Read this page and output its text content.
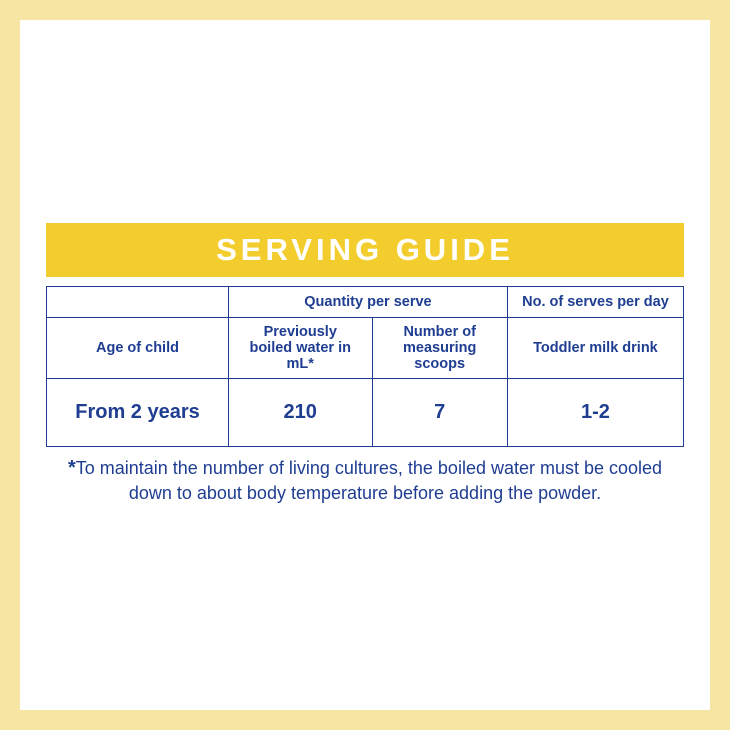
SERVING GUIDE
	Quantity per serve		No. of serves per day
Age of child	Previously boiled water in mL*	Number of measuring scoops	Toddler milk drink
From 2 years	210	7	1-2
*To maintain the number of living cultures, the boiled water must be cooled down to about body temperature before adding the powder.
